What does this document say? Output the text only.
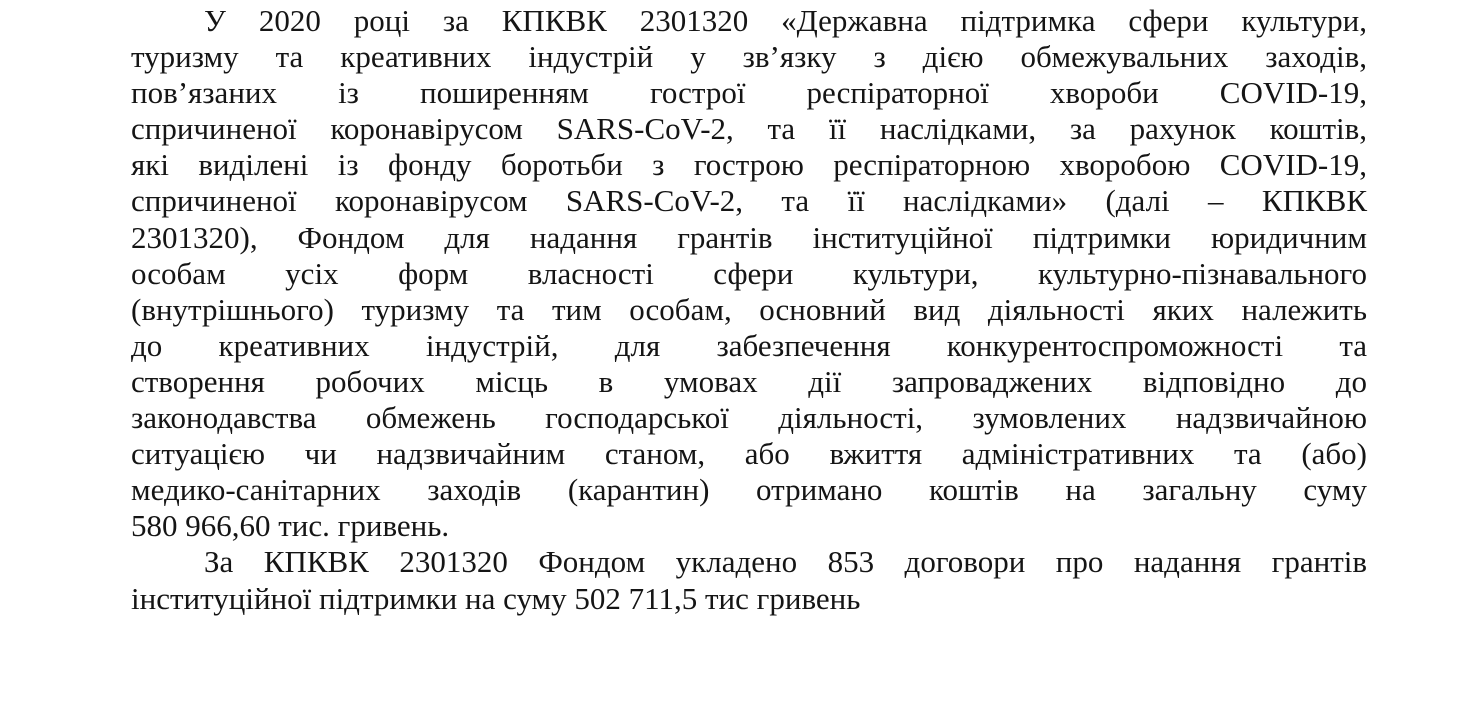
У 2020 році за КПКВК 2301320 «Державна підтримка сфери культури,
туризму та креативних індустрій у зв’язку з дією обмежувальних заходів,
пов’язаних із поширенням гострої респіраторної хвороби COVID-19,
спричиненої коронавірусом SARS-CoV-2, та її наслідками, за рахунок коштів,
які виділені із фонду боротьби з гострою респіраторною хворобою COVID-19,
спричиненої коронавірусом SARS-CoV-2, та її наслідками» (далі – КПКВК
2301320), Фондом для надання грантів інституційної підтримки юридичним
особам усіх форм власності сфери культури, культурно-пізнавального
(внутрішнього) туризму та тим особам, основний вид діяльності яких належить
до креативних індустрій, для забезпечення конкурентоспроможності та
створення робочих місць в умовах дії запроваджених відповідно до
законодавства обмежень господарської діяльності, зумовлених надзвичайною
ситуацією чи надзвичайним станом, або вжиття адміністративних та (або)
медико-санітарних заходів (карантин) отримано коштів на загальну суму
580 966,60 тис. гривень.
За КПКВК 2301320 Фондом укладено 853 договори про надання грантів
інституційної підтримки на суму 502 711,5 тис гривень
